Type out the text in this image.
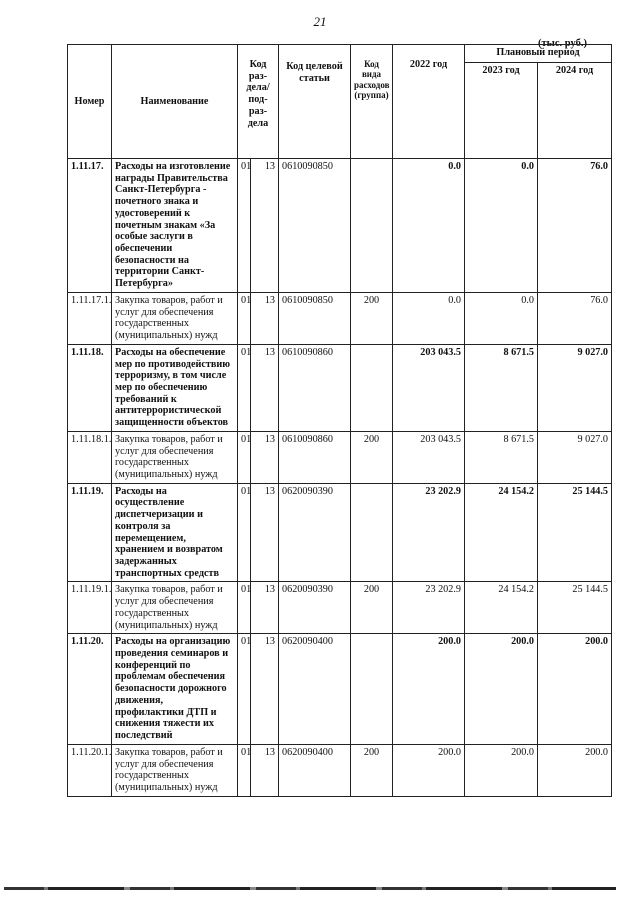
21
(тыс. руб.)
Номер	Наименование	Код раз-дела/ под-раз-дела		Код целевой статьи	Код вида расходов (группа)	2022 год	Плановый период	
							2023 год	2024 год
1.11.17.	Расходы на изготовление награды Правительства Санкт-Петербурга - почетного знака и удостоверений к почетным знакам «За особые заслуги в обеспечении безопасности на территории Санкт-Петербурга»	01	13	0610090850		0.0	0.0	76.0
1.11.17.1.	Закупка товаров, работ и услуг для обеспечения государственных (муниципальных) нужд	01	13	0610090850	200	0.0	0.0	76.0
1.11.18.	Расходы на обеспечение мер по противодействию терроризму, в том числе мер по обеспечению требований к антитеррористической защищенности объектов	01	13	0610090860		203 043.5	8 671.5	9 027.0
1.11.18.1.	Закупка товаров, работ и услуг для обеспечения государственных (муниципальных) нужд	01	13	0610090860	200	203 043.5	8 671.5	9 027.0
1.11.19.	Расходы на осуществление диспетчеризации и контроля за перемещением, хранением и возвратом задержанных транспортных средств	01	13	0620090390		23 202.9	24 154.2	25 144.5
1.11.19.1.	Закупка товаров, работ и услуг для обеспечения государственных (муниципальных) нужд	01	13	0620090390	200	23 202.9	24 154.2	25 144.5
1.11.20.	Расходы на организацию проведения семинаров и конференций по проблемам обеспечения безопасности дорожного движения, профилактики ДТП и снижения тяжести их последствий	01	13	0620090400		200.0	200.0	200.0
1.11.20.1.	Закупка товаров, работ и услуг для обеспечения государственных (муниципальных) нужд	01	13	0620090400	200	200.0	200.0	200.0
